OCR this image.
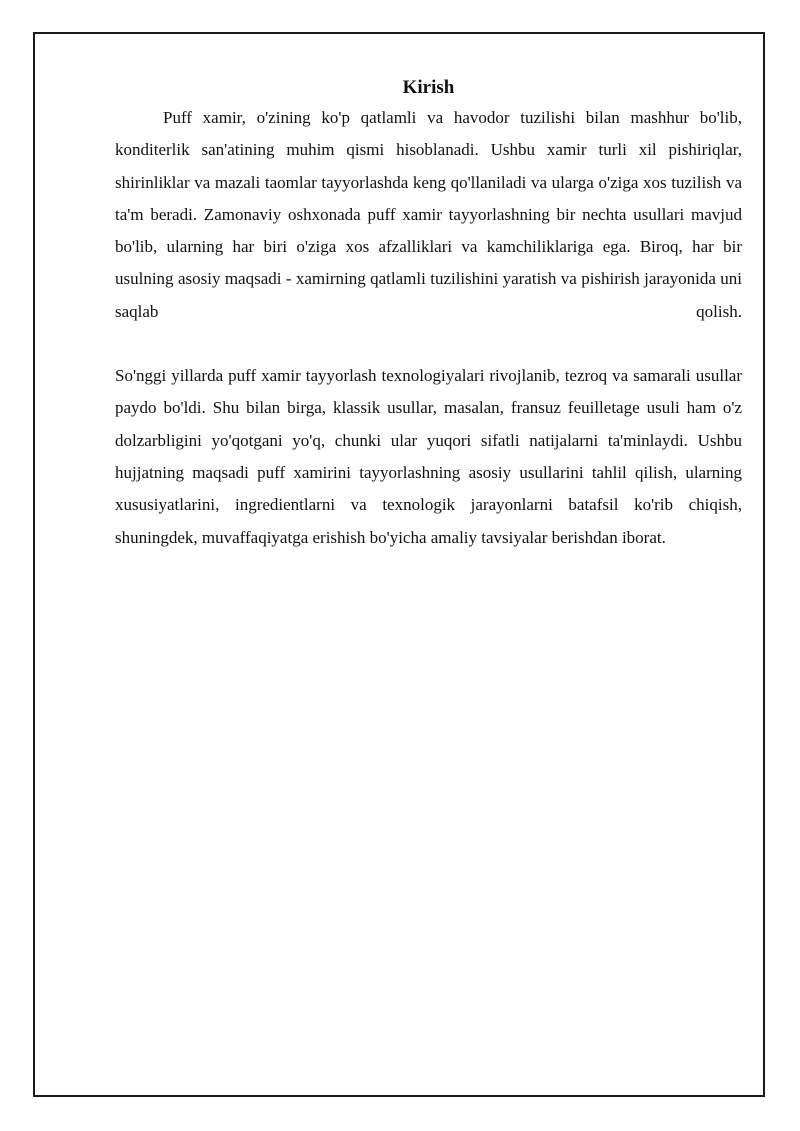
Kirish

Puff xamir, o'zining ko'p qatlamli va havodor tuzilishi bilan mashhur bo'lib, konditerlik san'atining muhim qismi hisoblanadi. Ushbu xamir turli xil pishiriqlar, shirinliklar va mazali taomlar tayyorlashda keng qo'llaniladi va ularga o'ziga xos tuzilish va ta'm beradi. Zamonaviy oshxonada puff xamir tayyorlashning bir nechta usullari mavjud bo'lib, ularning har biri o'ziga xos afzalliklari va kamchiliklariga ega. Biroq, har bir usulning asosiy maqsadi - xamirning qatlamli tuzilishini yaratish va pishirish jarayonida uni saqlab qolish.

So'nggi yillarda puff xamir tayyorlash texnologiyalari rivojlanib, tezroq va samarali usullar paydo bo'ldi. Shu bilan birga, klassik usullar, masalan, fransuz feuilletage usuli ham o'z dolzarbligini yo'qotgani yo'q, chunki ular yuqori sifatli natijalarni ta'minlaydi. Ushbu hujjatning maqsadi puff xamirini tayyorlashning asosiy usullarini tahlil qilish, ularning xususiyatlarini, ingredientlarni va texnologik jarayonlarni batafsil ko'rib chiqish, shuningdek, muvaffaqiyatga erishish bo'yicha amaliy tavsiyalar berishdan iborat.
